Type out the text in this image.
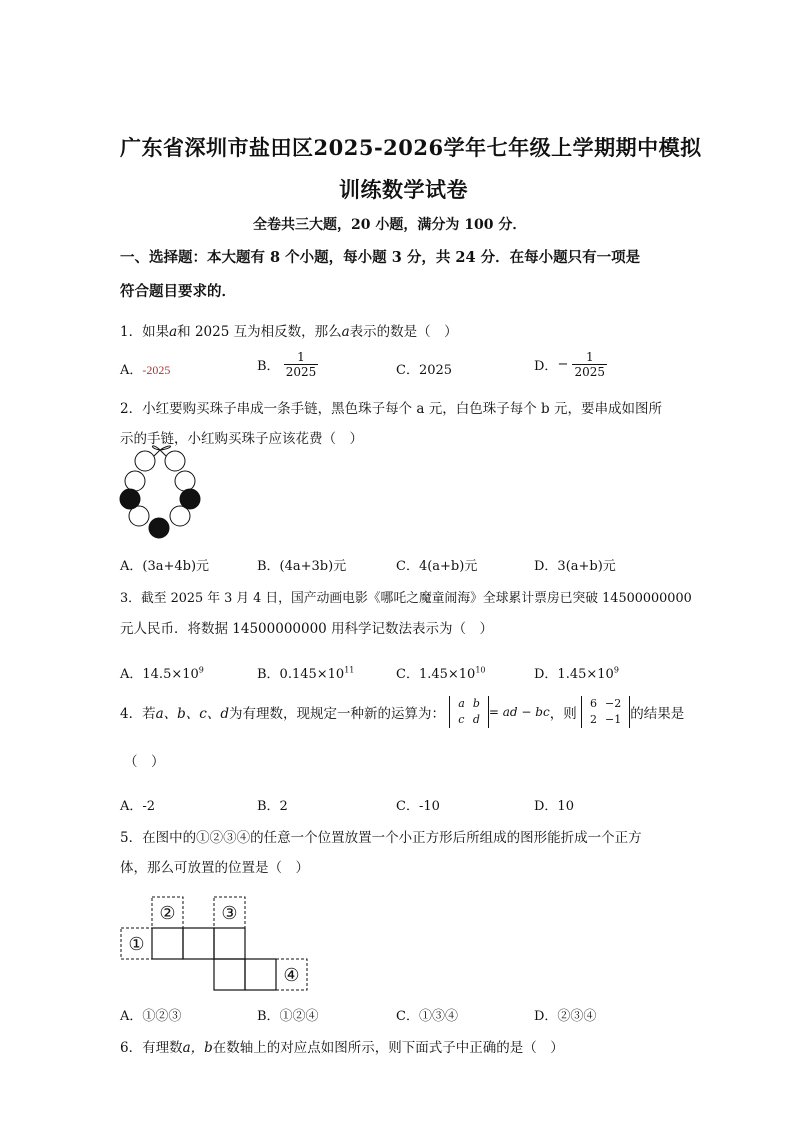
广东省深圳市盐田区2025-2026学年七年级上学期期中模拟
训练数学试卷
全卷共三大题，20 小题，满分为 100 分．
一、选择题：本大题有 8 个小题，每小题 3 分，共 24 分．在每小题只有一项是
符合题目要求的．
1．如果a和 2025 互为相反数，那么a表示的数是（　）
A．-2025	B． $\frac{1}{2025}$	C．2025	D．− $\frac{1}{2025}$
2．小红要购买珠子串成一条手链，黑色珠子每个 a 元，白色珠子每个 b 元，要串成如图所
示的手链，小红购买珠子应该花费（　）
A．(3a+4b)元	B．(4a+3b)元	C．4(a+b)元	D．3(a+b)元
3．截至 2025 年 3 月 4 日，国产动画电影《哪吒之魔童闹海》全球累计票房已突破 14500000000
元人民币．将数据 14500000000 用科学记数法表示为（　）
A．$14.5\times 10^9$	B．$0.145\times 10^{11}$	C．$1.45\times 10^{10}$	D．$1.45\times 10^9$
4．若a、b、c、d为有理数，现规定一种新的运算为：
a	b
c	d
= ad − bc，则
6	−2
2	−1 的结果是
（　）
A．-2	B．2	C．-10	D．10
5．在图中的①②③④的任意一个位置放置一个小正方形后所组成的图形能折成一个正方
体，那么可放置的位置是（　）
①
②	③
④
A．①②③	B．①②④	C．①③④	D．②③④
6．有理数a，b在数轴上的对应点如图所示，则下面式子中正确的是（　）
